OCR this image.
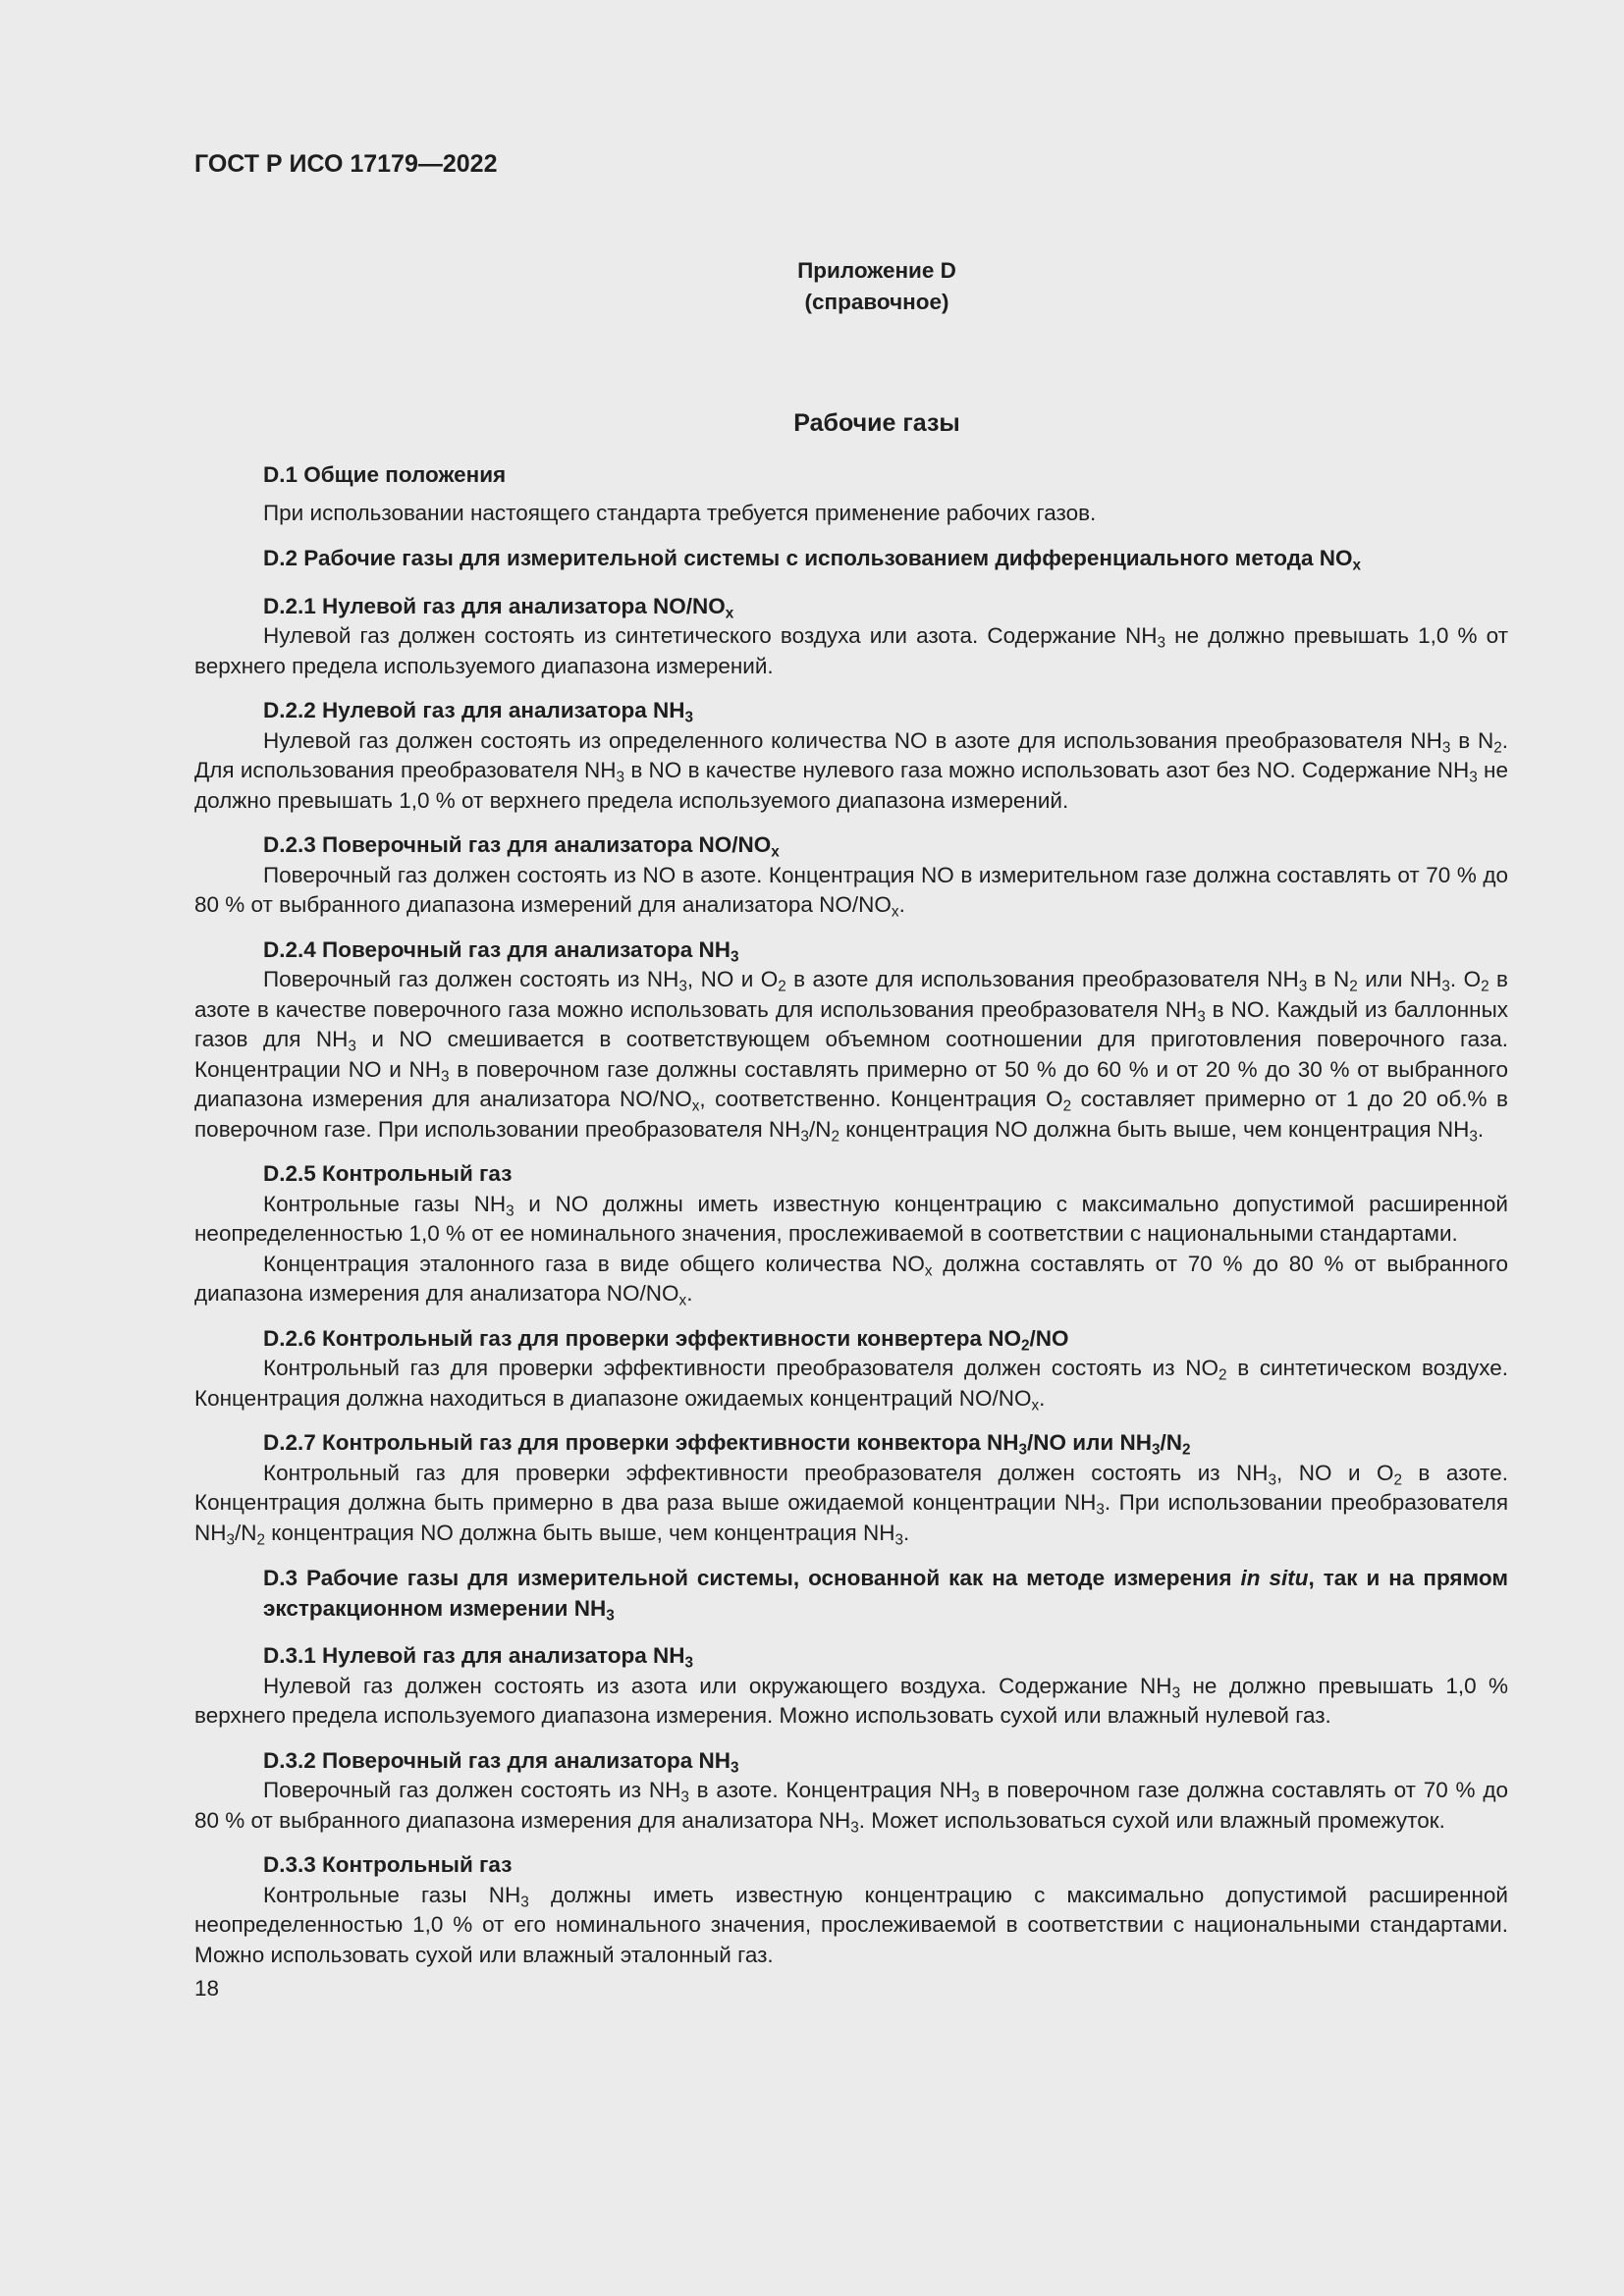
ГОСТ Р ИСО 17179—2022

Приложение D
(справочное)

Рабочие газы

D.1 Общие положения

При использовании настоящего стандарта требуется применение рабочих газов.

D.2 Рабочие газы для измерительной системы с использованием дифференциального метода $NO_x$

D.2.1 Нулевой газ для анализатора $NO/NO_x$

Нулевой газ должен состоять из синтетического воздуха или азота. Содержание $NH_3$ не должно превышать 1,0 % от верхнего предела используемого диапазона измерений.

D.2.2 Нулевой газ для анализатора $NH_3$

Нулевой газ должен состоять из определенного количества NO в азоте для использования преобразователя $NH_3$ в $N_2$. Для использования преобразователя $NH_3$ в NO в качестве нулевого газа можно использовать азот без NO. Содержание $NH_3$ не должно превышать 1,0 % от верхнего предела используемого диапазона измерений.

D.2.3 Поверочный газ для анализатора $NO/NO_x$

Поверочный газ должен состоять из NO в азоте. Концентрация NO в измерительном газе должна составлять от 70 % до 80 % от выбранного диапазона измерений для анализатора $NO/NO_x$.

D.2.4 Поверочный газ для анализатора $NH_3$

Поверочный газ должен состоять из $NH_3$, NO и $O_2$ в азоте для использования преобразователя $NH_3$ в $N_2$ или $NH_3$. $O_2$ в азоте в качестве поверочного газа можно использовать для использования преобразователя $NH_3$ в NO. Каждый из баллонных газов для $NH_3$ и NO смешивается в соответствующем объемном соотношении для приготовления поверочного газа. Концентрации NO и $NH_3$ в поверочном газе должны составлять примерно от 50 % до 60 % и от 20 % до 30 % от выбранного диапазона измерения для анализатора $NO/NO_x$, соответственно. Концентрация $O_2$ составляет примерно от 1 до 20 об.% в поверочном газе. При использовании преобразователя $NH_3/N_2$ концентрация NO должна быть выше, чем концентрация $NH_3$.

D.2.5 Контрольный газ

Контрольные газы $NH_3$ и NO должны иметь известную концентрацию с максимально допустимой расширенной неопределенностью 1,0 % от ее номинального значения, прослеживаемой в соответствии с национальными стандартами.

Концентрация эталонного газа в виде общего количества $NO_x$ должна составлять от 70 % до 80 % от выбранного диапазона измерения для анализатора $NO/NO_x$.

D.2.6 Контрольный газ для проверки эффективности конвертера $NO_2/NO$

Контрольный газ для проверки эффективности преобразователя должен состоять из $NO_2$ в синтетическом воздухе. Концентрация должна находиться в диапазоне ожидаемых концентраций $NO/NO_x$.

D.2.7 Контрольный газ для проверки эффективности конвектора $NH_3/NO$ или $NH_3/N_2$

Контрольный газ для проверки эффективности преобразователя должен состоять из $NH_3$, NO и $O_2$ в азоте. Концентрация должна быть примерно в два раза выше ожидаемой концентрации $NH_3$. При использовании преобразователя $NH_3/N_2$ концентрация NO должна быть выше, чем концентрация $NH_3$.

D.3 Рабочие газы для измерительной системы, основанной как на методе измерения in situ, так и на прямом экстракционном измерении $NH_3$

D.3.1 Нулевой газ для анализатора $NH_3$

Нулевой газ должен состоять из азота или окружающего воздуха. Содержание $NH_3$ не должно превышать 1,0 % верхнего предела используемого диапазона измерения. Можно использовать сухой или влажный нулевой газ.

D.3.2 Поверочный газ для анализатора $NH_3$

Поверочный газ должен состоять из $NH_3$ в азоте. Концентрация $NH_3$ в поверочном газе должна составлять от 70 % до 80 % от выбранного диапазона измерения для анализатора $NH_3$. Может использоваться сухой или влажный промежуток.

D.3.3 Контрольный газ

Контрольные газы $NH_3$ должны иметь известную концентрацию с максимально допустимой расширенной неопределенностью 1,0 % от его номинального значения, прослеживаемой в соответствии с национальными стандартами. Можно использовать сухой или влажный эталонный газ.

18
